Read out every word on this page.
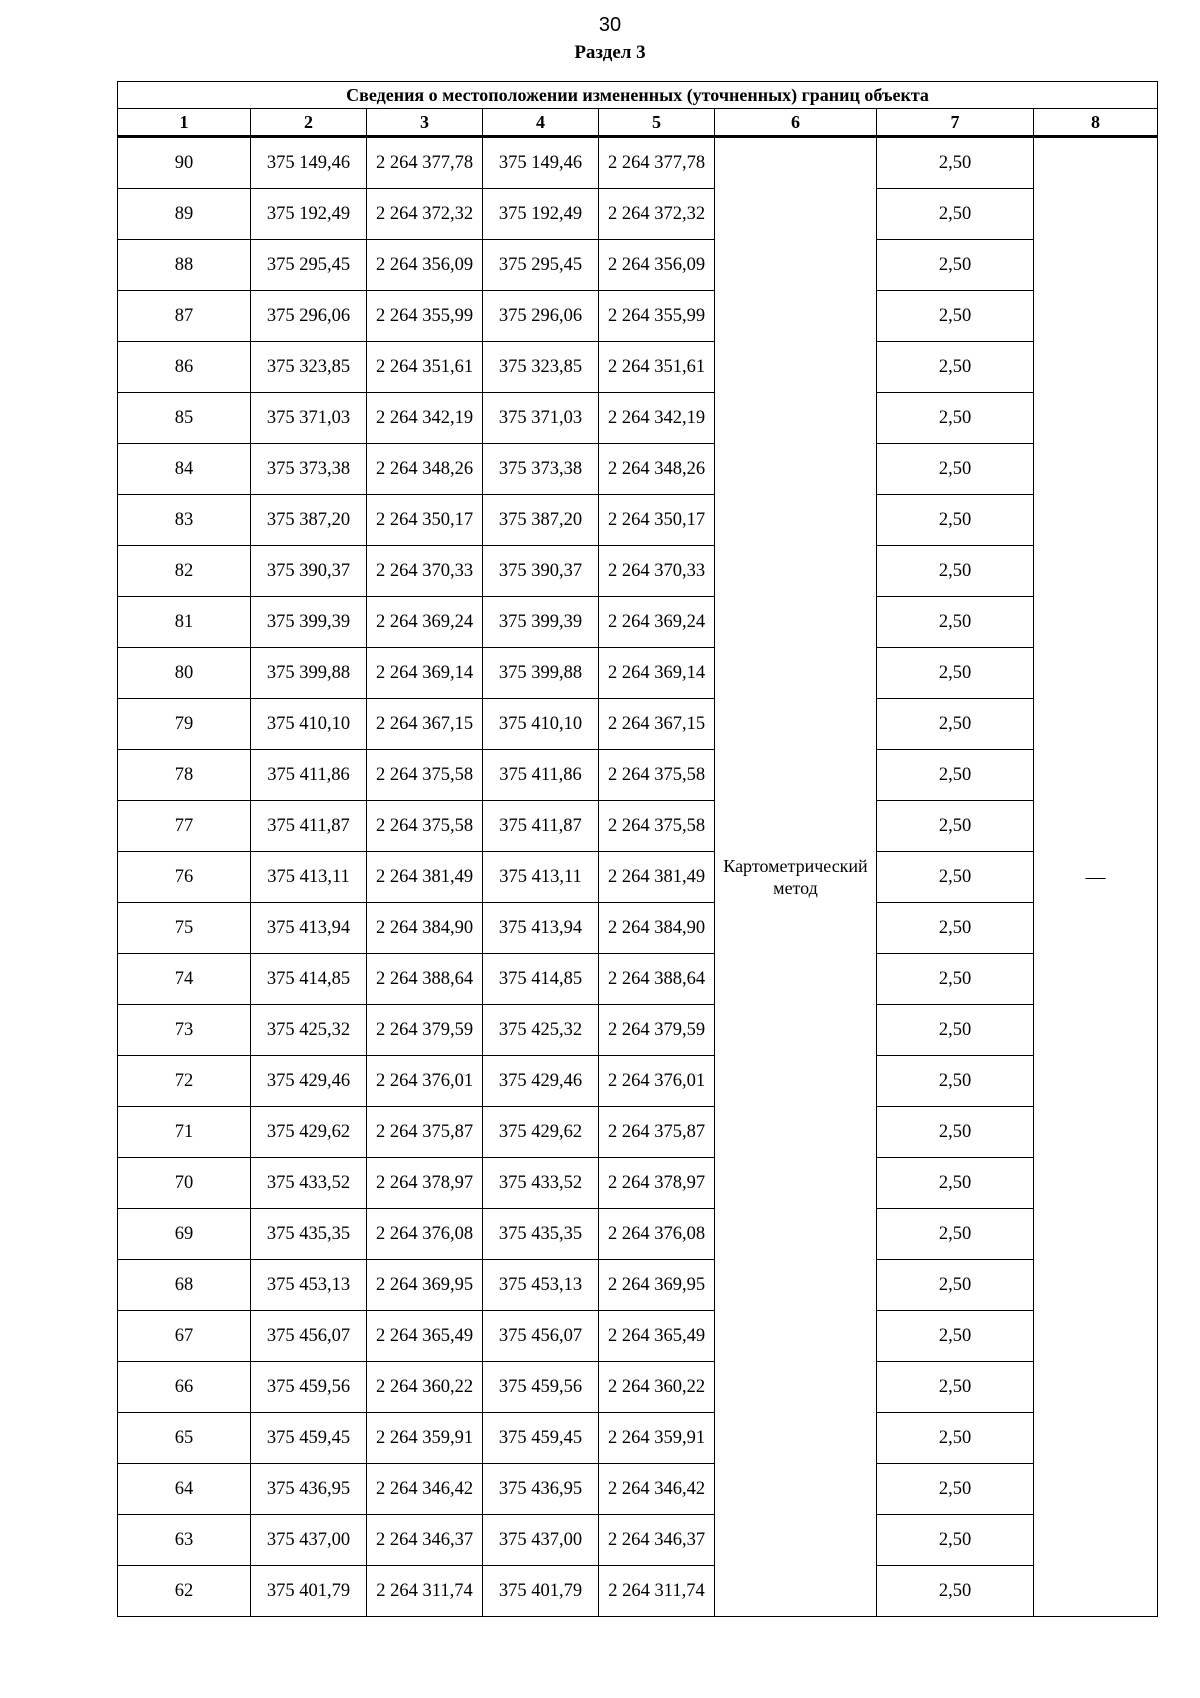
30
Раздел 3
Сведения о местоположении измененных (уточненных) границ объекта							
1	2	3	4	5	6	7	8
90	375 149,46	2 264 377,78	375 149,46	2 264 377,78	Картометрический метод	2,50	—
89	375 192,49	2 264 372,32	375 192,49	2 264 372,32		2,50	
88	375 295,45	2 264 356,09	375 295,45	2 264 356,09		2,50	
87	375 296,06	2 264 355,99	375 296,06	2 264 355,99		2,50	
86	375 323,85	2 264 351,61	375 323,85	2 264 351,61		2,50	
85	375 371,03	2 264 342,19	375 371,03	2 264 342,19		2,50	
84	375 373,38	2 264 348,26	375 373,38	2 264 348,26		2,50	
83	375 387,20	2 264 350,17	375 387,20	2 264 350,17		2,50	
82	375 390,37	2 264 370,33	375 390,37	2 264 370,33		2,50	
81	375 399,39	2 264 369,24	375 399,39	2 264 369,24		2,50	
80	375 399,88	2 264 369,14	375 399,88	2 264 369,14		2,50	
79	375 410,10	2 264 367,15	375 410,10	2 264 367,15		2,50	
78	375 411,86	2 264 375,58	375 411,86	2 264 375,58		2,50	
77	375 411,87	2 264 375,58	375 411,87	2 264 375,58		2,50	
76	375 413,11	2 264 381,49	375 413,11	2 264 381,49		2,50	
75	375 413,94	2 264 384,90	375 413,94	2 264 384,90		2,50	
74	375 414,85	2 264 388,64	375 414,85	2 264 388,64		2,50	
73	375 425,32	2 264 379,59	375 425,32	2 264 379,59		2,50	
72	375 429,46	2 264 376,01	375 429,46	2 264 376,01		2,50	
71	375 429,62	2 264 375,87	375 429,62	2 264 375,87		2,50	
70	375 433,52	2 264 378,97	375 433,52	2 264 378,97		2,50	
69	375 435,35	2 264 376,08	375 435,35	2 264 376,08		2,50	
68	375 453,13	2 264 369,95	375 453,13	2 264 369,95		2,50	
67	375 456,07	2 264 365,49	375 456,07	2 264 365,49		2,50	
66	375 459,56	2 264 360,22	375 459,56	2 264 360,22		2,50	
65	375 459,45	2 264 359,91	375 459,45	2 264 359,91		2,50	
64	375 436,95	2 264 346,42	375 436,95	2 264 346,42		2,50	
63	375 437,00	2 264 346,37	375 437,00	2 264 346,37		2,50	
62	375 401,79	2 264 311,74	375 401,79	2 264 311,74		2,50	
